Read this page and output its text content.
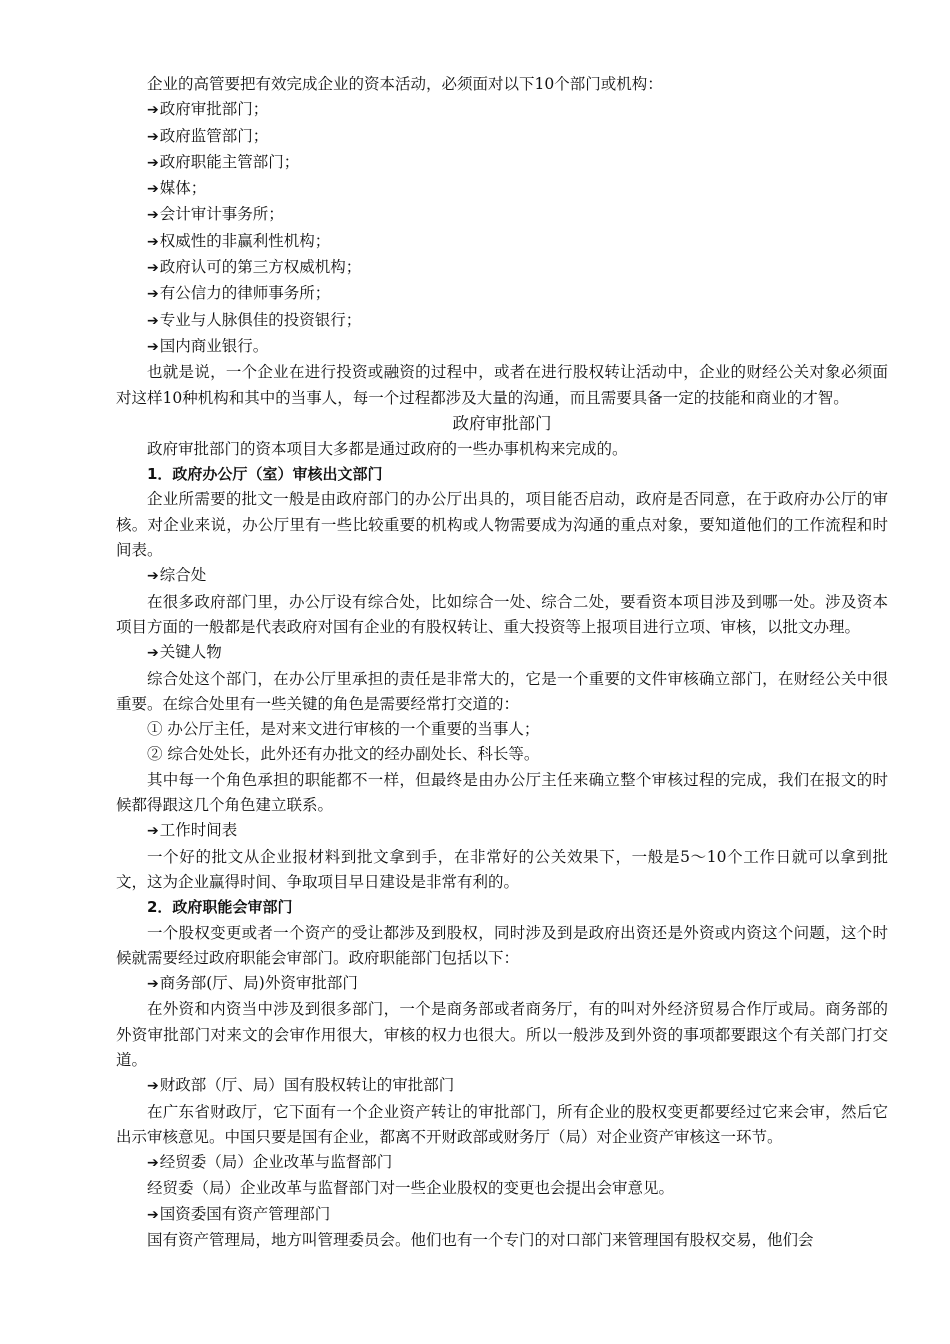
企业的高管要把有效完成企业的资本活动，必须面对以下10个部门或机构：

➔政府审批部门；

➔政府监管部门；

➔政府职能主管部门；

➔媒体；

➔会计审计事务所；

➔权威性的非赢利性机构；

➔政府认可的第三方权威机构；

➔有公信力的律师事务所；

➔专业与人脉俱佳的投资银行；

➔国内商业银行。

也就是说，一个企业在进行投资或融资的过程中，或者在进行股权转让活动中，企业的财经公关对象必须面对这样10种机构和其中的当事人，每一个过程都涉及大量的沟通，而且需要具备一定的技能和商业的才智。

政府审批部门

政府审批部门的资本项目大多都是通过政府的一些办事机构来完成的。

1．政府办公厅（室）审核出文部门

企业所需要的批文一般是由政府部门的办公厅出具的，项目能否启动，政府是否同意，在于政府办公厅的审核。对企业来说，办公厅里有一些比较重要的机构或人物需要成为沟通的重点对象，要知道他们的工作流程和时间表。

➔综合处

在很多政府部门里，办公厅设有综合处，比如综合一处、综合二处，要看资本项目涉及到哪一处。涉及资本项目方面的一般都是代表政府对国有企业的有股权转让、重大投资等上报项目进行立项、审核，以批文办理。

➔关键人物

综合处这个部门，在办公厅里承担的责任是非常大的，它是一个重要的文件审核确立部门，在财经公关中很重要。在综合处里有一些关键的角色是需要经常打交道的：

① 办公厅主任，是对来文进行审核的一个重要的当事人；

② 综合处处长，此外还有办批文的经办副处长、科长等。

其中每一个角色承担的职能都不一样，但最终是由办公厅主任来确立整个审核过程的完成，我们在报文的时候都得跟这几个角色建立联系。

➔工作时间表

一个好的批文从企业报材料到批文拿到手，在非常好的公关效果下，一般是5～10个工作日就可以拿到批文，这为企业赢得时间、争取项目早日建设是非常有利的。

2．政府职能会审部门

一个股权变更或者一个资产的受让都涉及到股权，同时涉及到是政府出资还是外资或内资这个问题，这个时候就需要经过政府职能会审部门。政府职能部门包括以下：

➔商务部(厅、局)外资审批部门

在外资和内资当中涉及到很多部门，一个是商务部或者商务厅，有的叫对外经济贸易合作厅或局。商务部的外资审批部门对来文的会审作用很大，审核的权力也很大。所以一般涉及到外资的事项都要跟这个有关部门打交道。

➔财政部（厅、局）国有股权转让的审批部门

在广东省财政厅，它下面有一个企业资产转让的审批部门，所有企业的股权变更都要经过它来会审，然后它出示审核意见。中国只要是国有企业，都离不开财政部或财务厅（局）对企业资产审核这一环节。

➔经贸委（局）企业改革与监督部门

经贸委（局）企业改革与监督部门对一些企业股权的变更也会提出会审意见。

➔国资委国有资产管理部门

国有资产管理局，地方叫管理委员会。他们也有一个专门的对口部门来管理国有股权交易，他们会
